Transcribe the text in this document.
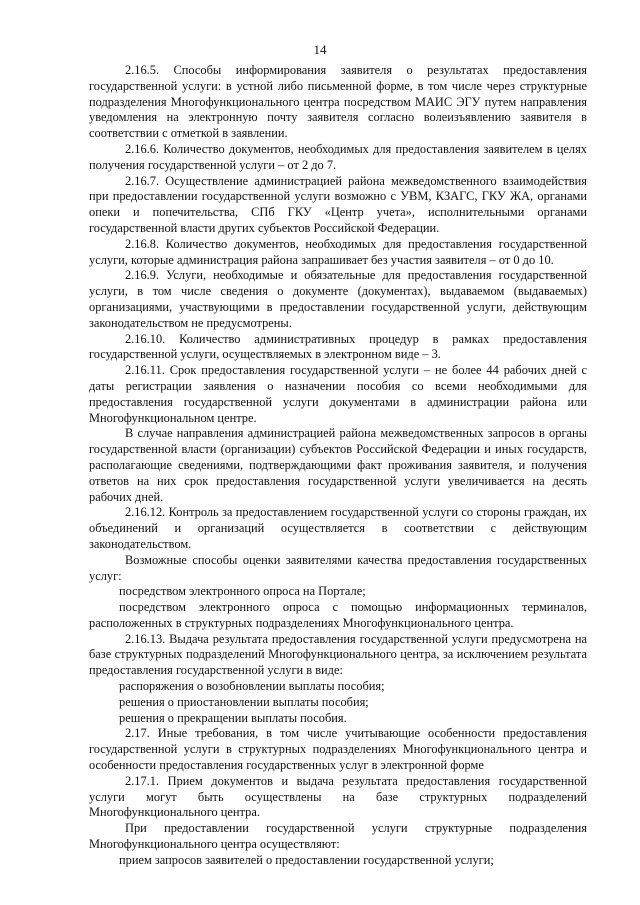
14

2.16.5. Способы информирования заявителя о результатах предоставления государственной услуги: в устной либо письменной форме, в том числе через структурные подразделения Многофункционального центра посредством МАИС ЭГУ путем направления уведомления на электронную почту заявителя согласно волеизъявлению заявителя в соответствии с отметкой в заявлении.

2.16.6. Количество документов, необходимых для предоставления заявителем в целях получения государственной услуги – от 2 до 7.

2.16.7. Осуществление администрацией района межведомственного взаимодействия при предоставлении государственной услуги возможно с УВМ, КЗАГС, ГКУ ЖА, органами опеки и попечительства, СПб ГКУ «Центр учета», исполнительными органами государственной власти других субъектов Российской Федерации.

2.16.8. Количество документов, необходимых для предоставления государственной услуги, которые администрация района запрашивает без участия заявителя – от 0 до 10.

2.16.9. Услуги, необходимые и обязательные для предоставления государственной услуги, в том числе сведения о документе (документах), выдаваемом (выдаваемых) организациями, участвующими в предоставлении государственной услуги, действующим законодательством не предусмотрены.

2.16.10. Количество административных процедур в рамках предоставления государственной услуги, осуществляемых в электронном виде – 3.

2.16.11. Срок предоставления государственной услуги – не более 44 рабочих дней с даты регистрации заявления о назначении пособия со всеми необходимыми для предоставления государственной услуги документами в администрации района или Многофункциональном центре.

В случае направления администрацией района межведомственных запросов в органы государственной власти (организации) субъектов Российской Федерации и иных государств, располагающие сведениями, подтверждающими факт проживания заявителя, и получения ответов на них срок предоставления государственной услуги увеличивается на десять рабочих дней.

2.16.12. Контроль за предоставлением государственной услуги со стороны граждан, их объединений и организаций осуществляется в соответствии с действующим законодательством.

Возможные способы оценки заявителями качества предоставления государственных услуг:

посредством электронного опроса на Портале;

посредством электронного опроса с помощью информационных терминалов, расположенных в структурных подразделениях Многофункционального центра.

2.16.13. Выдача результата предоставления государственной услуги предусмотрена на базе структурных подразделений Многофункционального центра, за исключением результата предоставления государственной услуги в виде:

распоряжения о возобновлении выплаты пособия;

решения о приостановлении выплаты пособия;

решения о прекращении выплаты пособия.

2.17. Иные требования, в том числе учитывающие особенности предоставления государственной услуги в структурных подразделениях Многофункционального центра и особенности предоставления государственных услуг в электронной форме

2.17.1. Прием документов и выдача результата предоставления государственной услуги могут быть осуществлены на базе структурных подразделений Многофункционального центра.

При предоставлении государственной услуги структурные подразделения Многофункционального центра осуществляют:

прием запросов заявителей о предоставлении государственной услуги;
